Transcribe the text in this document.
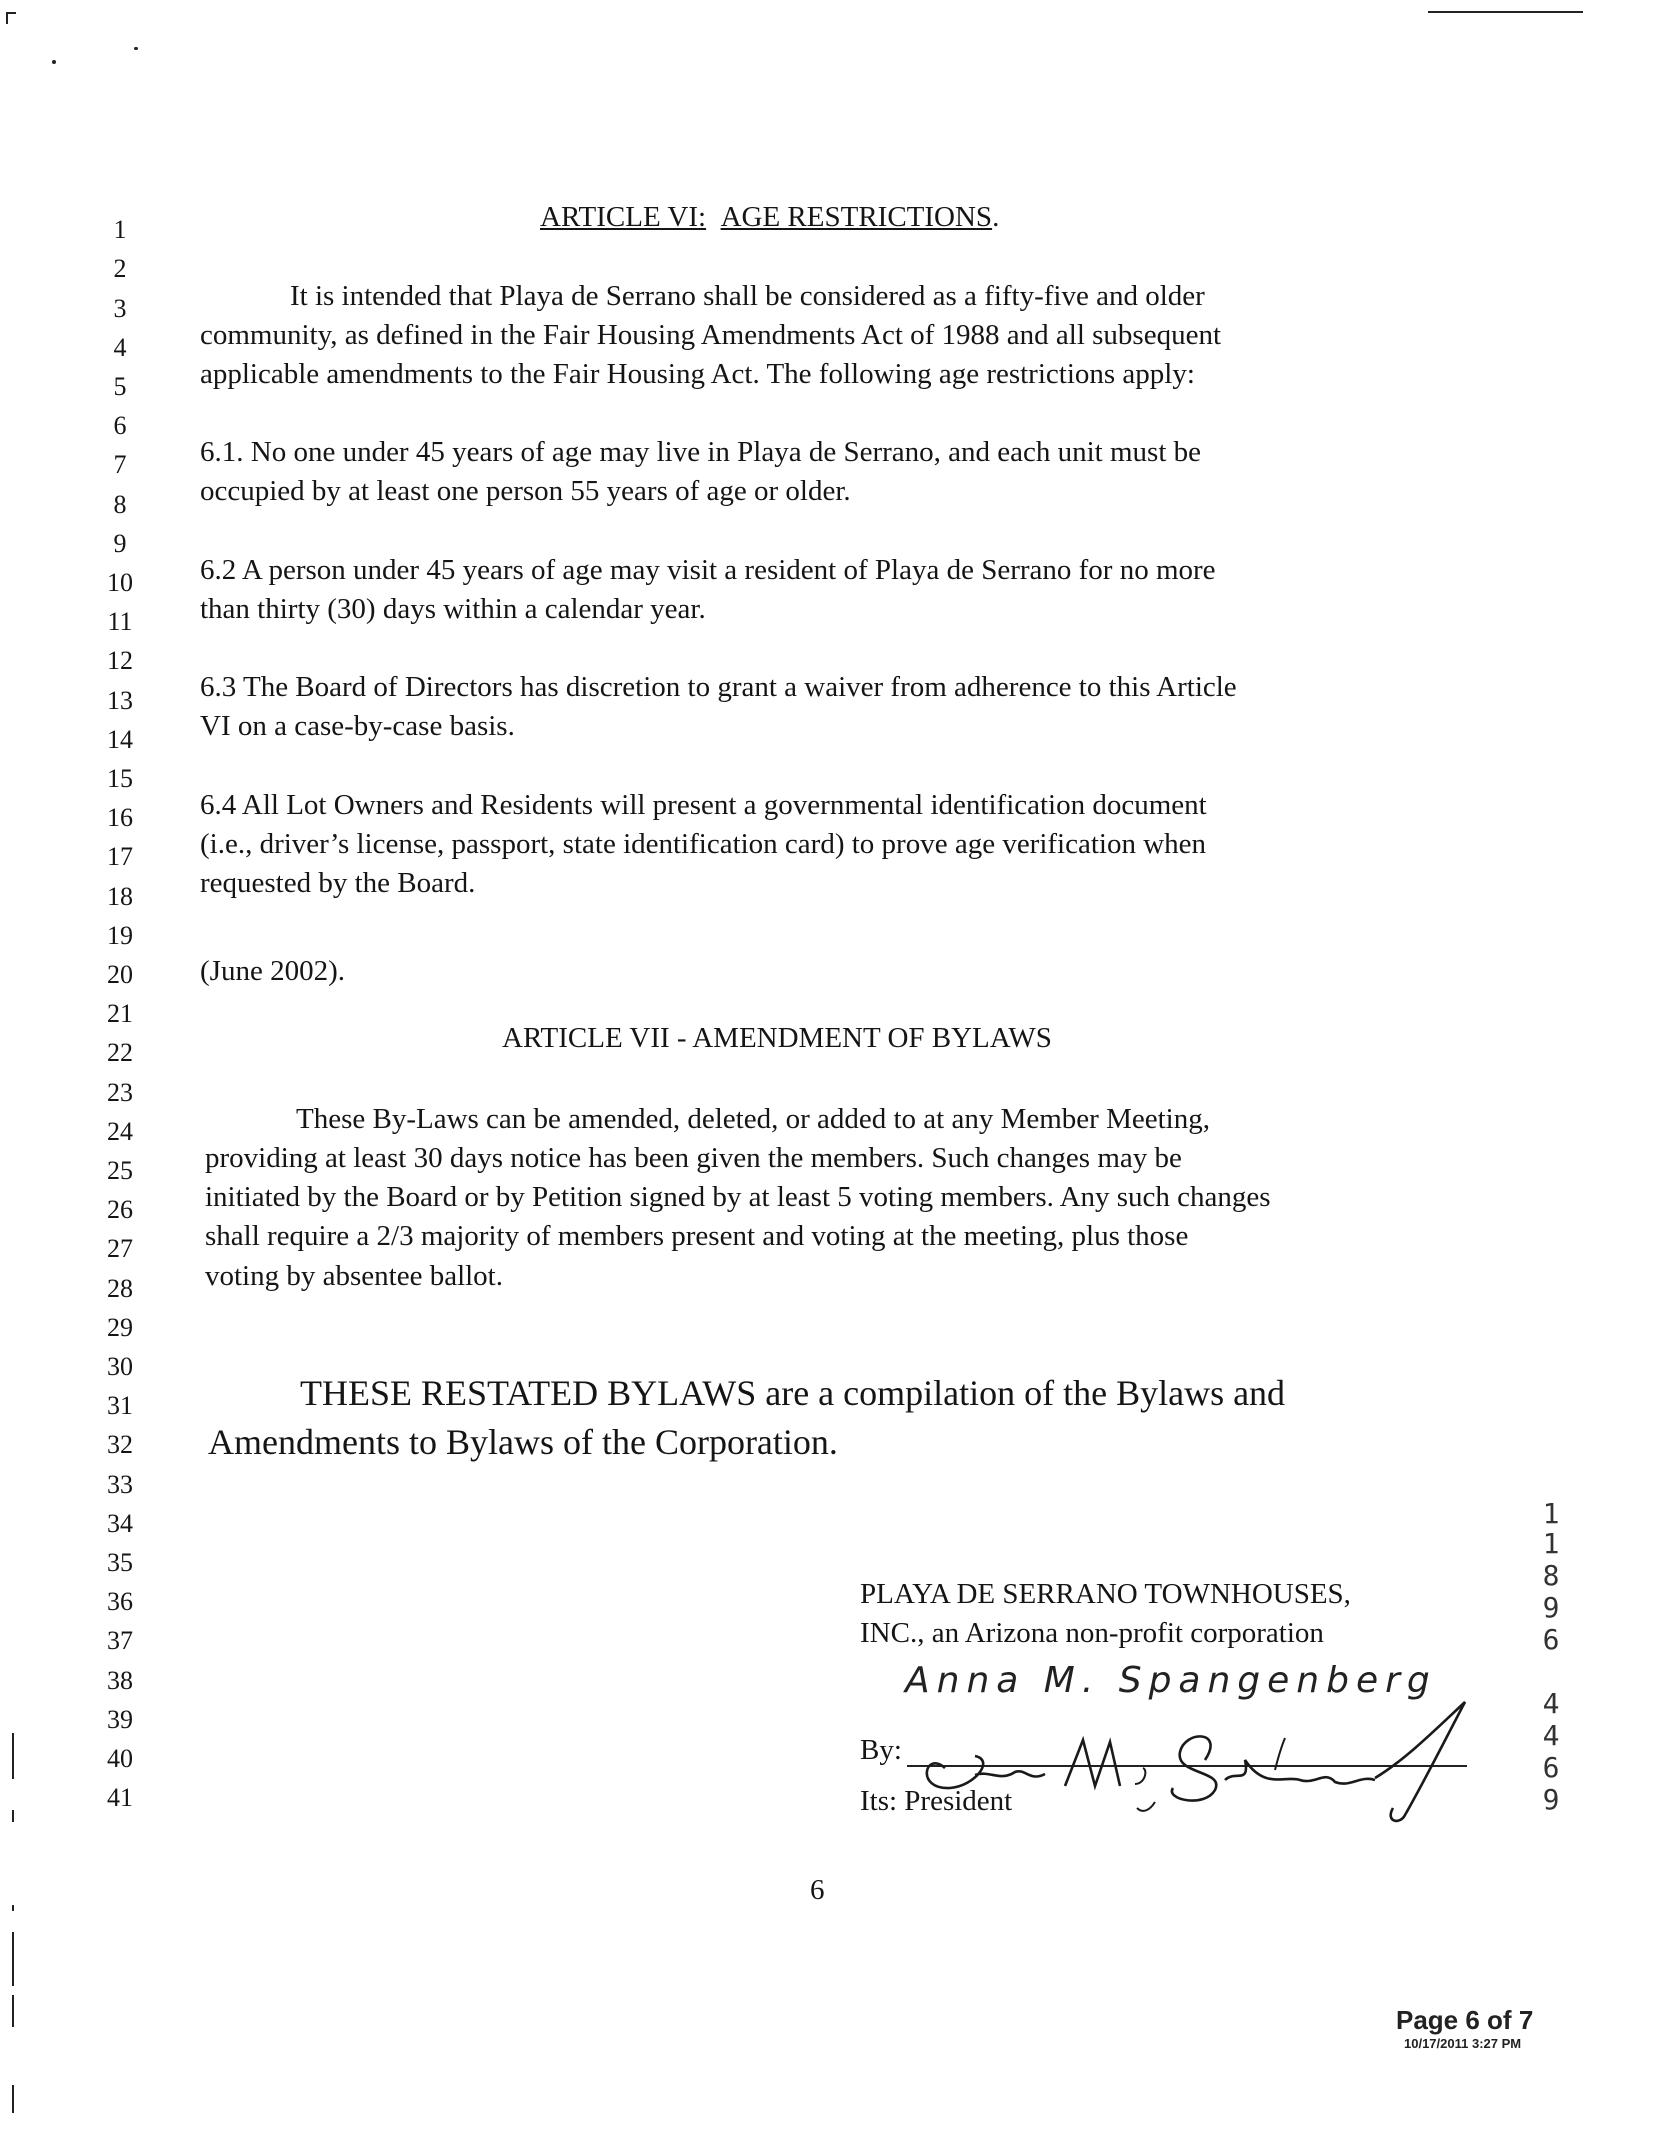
1
2
3
4
5
6
7
8
9
10
11
12
13
14
15
16
17
18
19
20
21
22
23
24
25
26
27
28
29
30
31
32
33
34
35
36
37
38
39
40
41
ARTICLE VI: AGE RESTRICTIONS.
It is intended that Playa de Serrano shall be considered as a fifty-five and older
community, as defined in the Fair Housing Amendments Act of 1988 and all subsequent
applicable amendments to the Fair Housing Act. The following age restrictions apply:
6.1. No one under 45 years of age may live in Playa de Serrano, and each unit must be
occupied by at least one person 55 years of age or older.
6.2 A person under 45 years of age may visit a resident of Playa de Serrano for no more
than thirty (30) days within a calendar year.
6.3 The Board of Directors has discretion to grant a waiver from adherence to this Article
VI on a case-by-case basis.
6.4 All Lot Owners and Residents will present a governmental identification document
(i.e., driver’s license, passport, state identification card) to prove age verification when
requested by the Board.
(June 2002).
ARTICLE VII - AMENDMENT OF BYLAWS
These By-Laws can be amended, deleted, or added to at any Member Meeting,
providing at least 30 days notice has been given the members. Such changes may be
initiated by the Board or by Petition signed by at least 5 voting members. Any such changes
shall require a 2/3 majority of members present and voting at the meeting, plus those
voting by absentee ballot.
THESE RESTATED BYLAWS are a compilation of the Bylaws and
Amendments to Bylaws of the Corporation.
PLAYA DE SERRANO TOWNHOUSES,
INC., an Arizona non-profit corporation
Anna M. Spangenberg
By:
Its: President
1
1
8
9
6
4
4
6
9
6
Page 6 of 7
10/17/2011 3:27 PM
